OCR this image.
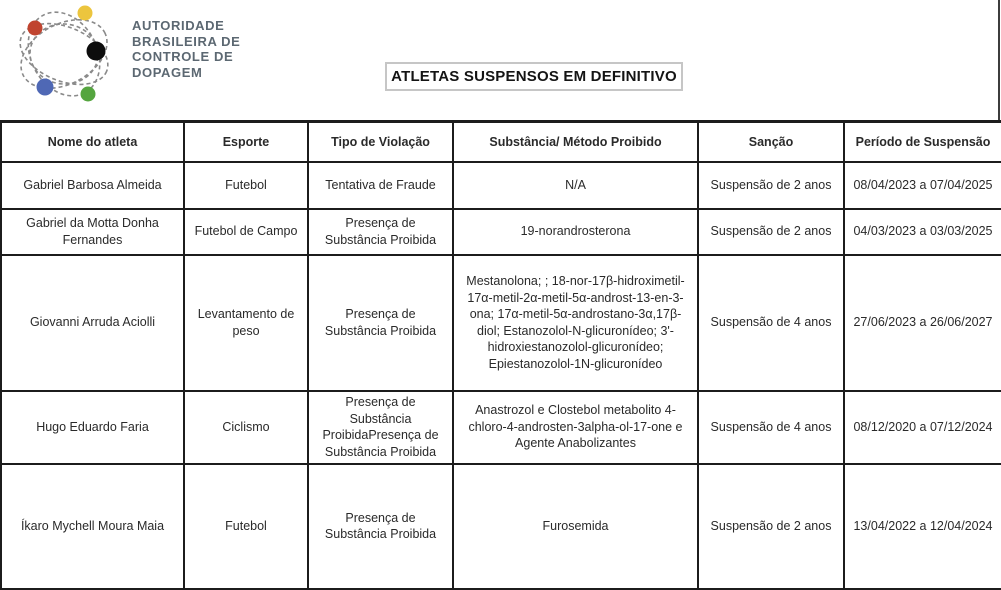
AUTORIDADE
BRASILEIRA DE
CONTROLE DE
DOPAGEM	ATLETAS SUSPENSOS EM DEFINITIVO
Nome do atleta	Esporte	Tipo de Violação	Substância/ Método Proibido	Sanção	Período de Suspensão
Gabriel Barbosa Almeida	Futebol	Tentativa de Fraude	N/A	Suspensão de 2 anos	08/04/2023 a 07/04/2025
Gabriel da Motta Donha Fernandes	Futebol de Campo	Presença de Substância Proibida	19-norandrosterona	Suspensão de 2 anos	04/03/2023 a 03/03/2025
Giovanni Arruda Aciolli	Levantamento de peso	Presença de Substância Proibida	Mestanolona; ; 18-nor-17β-hidroximetil-17α-metil-2α-metil-5α-androst-13-en-3-ona; 17α-metil-5α-androstano-3α,17β-diol; Estanozolol-N-glicuronídeo; 3'-hidroxiestanozolol-glicuronídeo; Epiestanozolol-1N-glicuronídeo	Suspensão de 4 anos	27/06/2023 a 26/06/2027
Hugo Eduardo Faria	Ciclismo	Presença de Substância ProibidaPresença de Substância Proibida	Anastrozol e Clostebol metabolito 4-chloro-4-androsten-3alpha-ol-17-one e Agente Anabolizantes	Suspensão de 4 anos	08/12/2020 a 07/12/2024
Íkaro Mychell Moura Maia	Futebol	Presença de Substância Proibida	Furosemida	Suspensão de 2 anos	13/04/2022 a 12/04/2024
